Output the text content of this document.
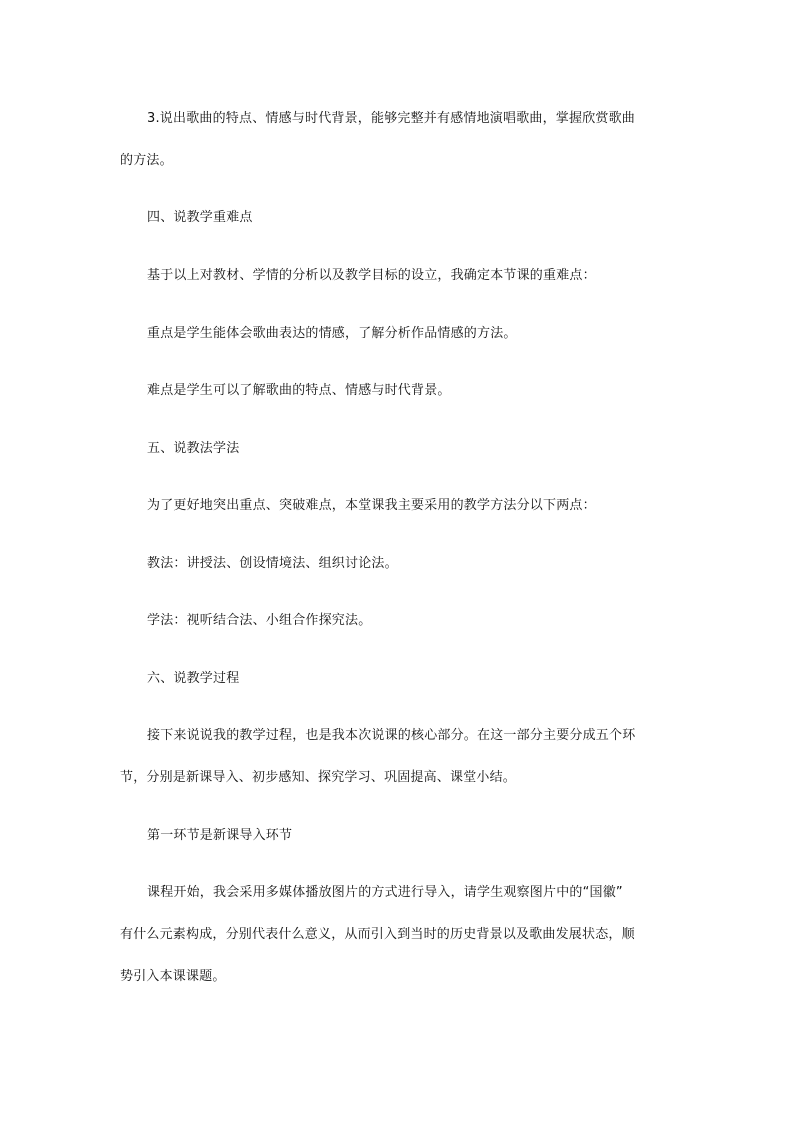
3.说出歌曲的特点、情感与时代背景，能够完整并有感情地演唱歌曲，掌握欣赏歌曲
的方法。
四、说教学重难点
基于以上对教材、学情的分析以及教学目标的设立，我确定本节课的重难点：
重点是学生能体会歌曲表达的情感，了解分析作品情感的方法。
难点是学生可以了解歌曲的特点、情感与时代背景。
五、说教法学法
为了更好地突出重点、突破难点，本堂课我主要采用的教学方法分以下两点：
教法：讲授法、创设情境法、组织讨论法。
学法：视听结合法、小组合作探究法。
六、说教学过程
接下来说说我的教学过程，也是我本次说课的核心部分。在这一部分主要分成五个环
节，分别是新课导入、初步感知、探究学习、巩固提高、课堂小结。
第一环节是新课导入环节
课程开始，我会采用多媒体播放图片的方式进行导入，请学生观察图片中的“国徽”
有什么元素构成，分别代表什么意义，从而引入到当时的历史背景以及歌曲发展状态，顺
势引入本课课题。
